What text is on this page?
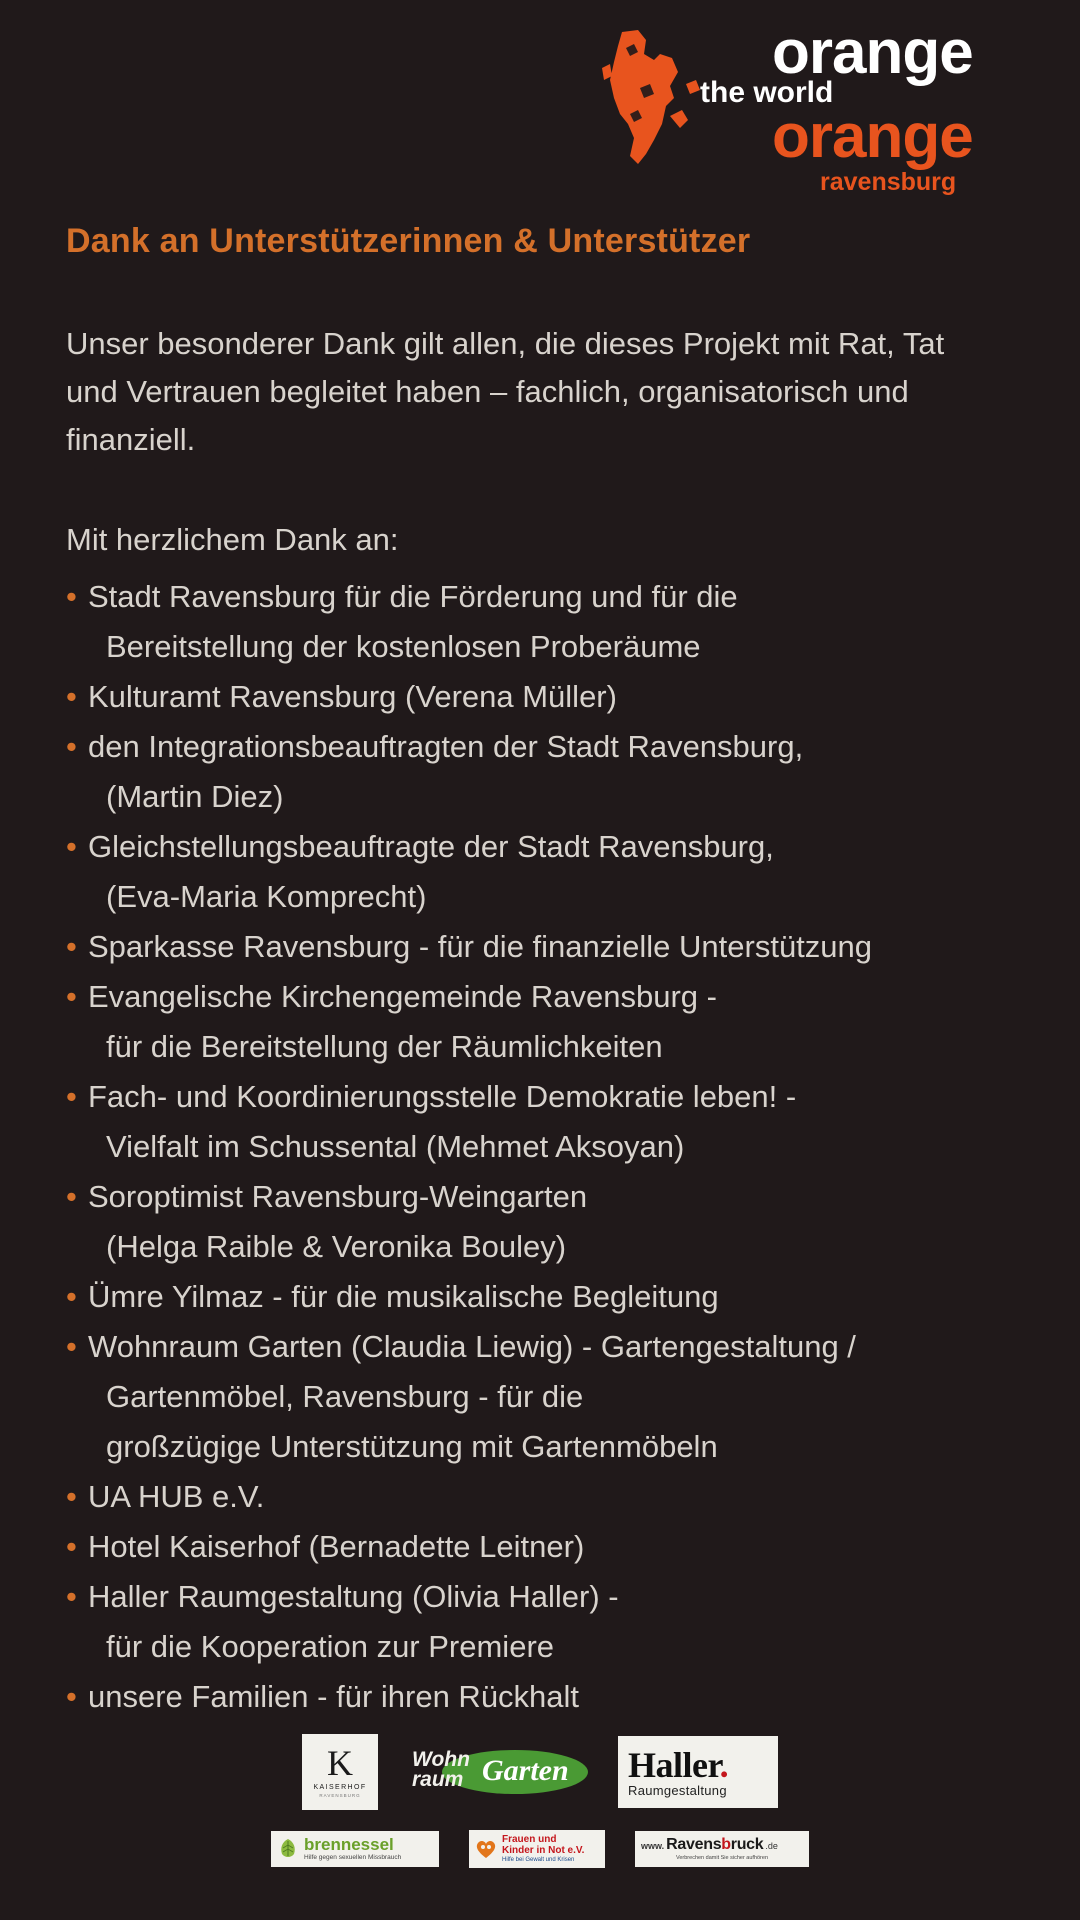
orange
the world
orange
ravensburg
Dank an Unterstützerinnen & Unterstützer
Unser besonderer Dank gilt allen, die dieses Projekt mit Rat, Tat und Vertrauen begleitet haben – fachlich, organisatorisch und finanziell.
Mit herzlichem Dank an:
• Stadt Ravensburg für die Förderung und für die
Bereitstellung der kostenlosen Proberäume
• Kulturamt Ravensburg (Verena Müller)
• den Integrationsbeauftragten der Stadt Ravensburg,
(Martin Diez)
• Gleichstellungsbeauftragte der Stadt Ravensburg,
(Eva-Maria Komprecht)
• Sparkasse Ravensburg - für die finanzielle Unterstützung
• Evangelische Kirchengemeinde Ravensburg -
für die Bereitstellung der Räumlichkeiten
• Fach- und Koordinierungsstelle Demokratie leben! -
Vielfalt im Schussental (Mehmet Aksoyan)
• Soroptimist Ravensburg-Weingarten
(Helga Raible & Veronika Bouley)
• Ümre Yilmaz - für die musikalische Begleitung
• Wohnraum Garten (Claudia Liewig) - Gartengestaltung /
Gartenmöbel, Ravensburg - für die
großzügige Unterstützung mit Gartenmöbeln
• UA HUB e.V.
• Hotel Kaiserhof (Bernadette Leitner)
• Haller Raumgestaltung (Olivia Haller) -
für die Kooperation zur Premiere
• unsere Familien - für ihren Rückhalt
K
KAISERHOF
RAVENSBURG
Wohn
raum Garten Haller.
Raumgestaltung
brennessel
Hilfe gegen sexuellen Missbrauch
Frauen und
Kinder in Not e.V.
Hilfe bei Gewalt und Krisen
www. Ravensbruck .de
Verbrechen damit Sie sicher aufhören
